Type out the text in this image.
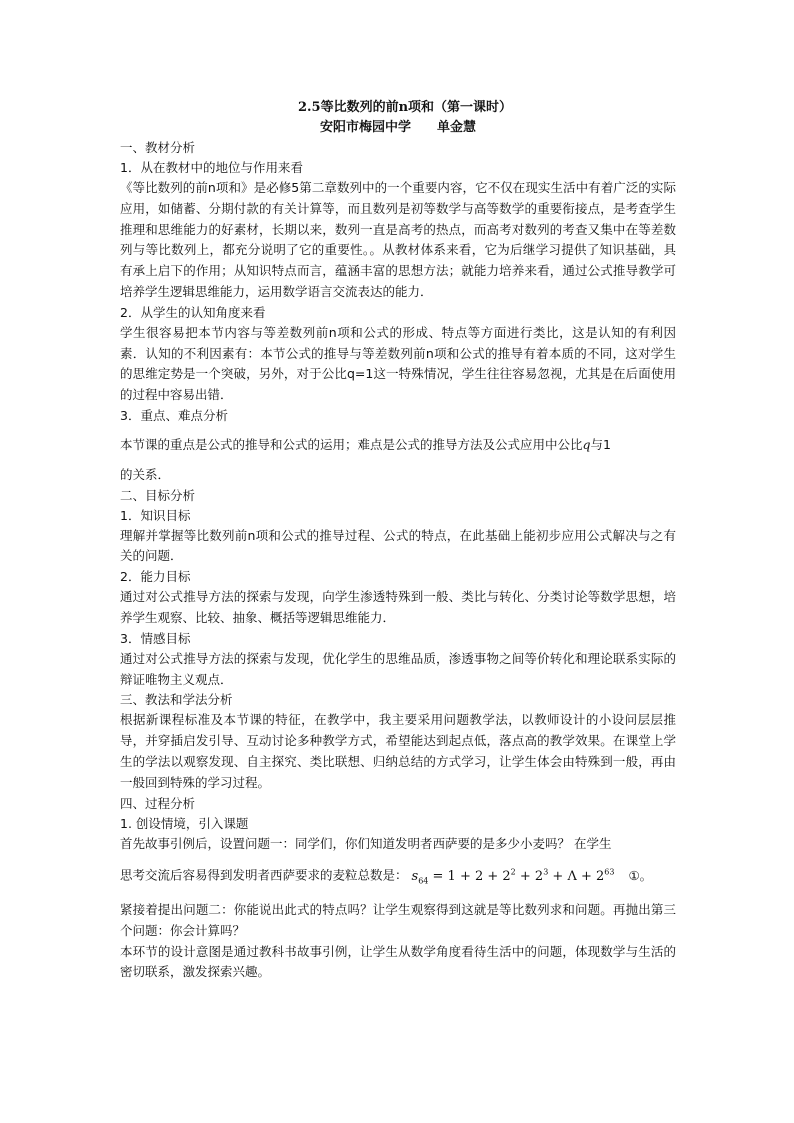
2.5等比数列的前n项和（第一课时）
安阳市梅园中学 单金慧
一、教材分析
1．从在教材中的地位与作用来看
《等比数列的前n项和》是必修5第二章数列中的一个重要内容，它不仅在现实生活中有着广泛的实际应用，如储蓄、分期付款的有关计算等，而且数列是初等数学与高等数学的重要衔接点，是考查学生推理和思维能力的好素材，长期以来，数列一直是高考的热点，而高考对数列的考查又集中在等差数列与等比数列上，都充分说明了它的重要性。。从教材体系来看，它为后继学习提供了知识基础，具有承上启下的作用；从知识特点而言，蕴涵丰富的思想方法；就能力培养来看，通过公式推导教学可培养学生逻辑思维能力，运用数学语言交流表达的能力．
2．从学生的认知角度来看
学生很容易把本节内容与等差数列前n项和公式的形成、特点等方面进行类比，这是认知的有利因素．认知的不利因素有：本节公式的推导与等差数列前n项和公式的推导有着本质的不同，这对学生的思维定势是一个突破，另外，对于公比q=1这一特殊情况，学生往往容易忽视，尤其是在后面使用的过程中容易出错．
3．重点、难点分析
本节课的重点是公式的推导和公式的运用；难点是公式的推导方法及公式应用中公比q与1
的关系．
二、目标分析
1．知识目标
理解并掌握等比数列前n项和公式的推导过程、公式的特点，在此基础上能初步应用公式解决与之有关的问题．
2．能力目标
通过对公式推导方法的探索与发现，向学生渗透特殊到一般、类比与转化、分类讨论等数学思想，培养学生观察、比较、抽象、概括等逻辑思维能力．
3．情感目标
通过对公式推导方法的探索与发现，优化学生的思维品质，渗透事物之间等价转化和理论联系实际的辩证唯物主义观点．
三、教法和学法分析
根据新课程标准及本节课的特征，在教学中，我主要采用问题教学法，以教师设计的小设问层层推导，并穿插启发引导、互动讨论多种教学方式，希望能达到起点低，落点高的教学效果。在课堂上学生的学法以观察发现、自主探究、类比联想、归纳总结的方式学习，让学生体会由特殊到一般，再由一般回到特殊的学习过程。
四、过程分析
1. 创设情境，引入课题
首先故事引例后，设置问题一：同学们，你们知道发明者西萨要的是多少小麦吗？ 在学生
思考交流后容易得到发明者西萨要求的麦粒总数是： $s_{64} = 1 + 2 + 2^2 + 2^3 + \Lambda + 2^{63}$ ①。
紧接着提出问题二：你能说出此式的特点吗？让学生观察得到这就是等比数列求和问题。再抛出第三个问题：你会计算吗？
本环节的设计意图是通过教科书故事引例，让学生从数学角度看待生活中的问题，体现数学与生活的密切联系，激发探索兴趣。
